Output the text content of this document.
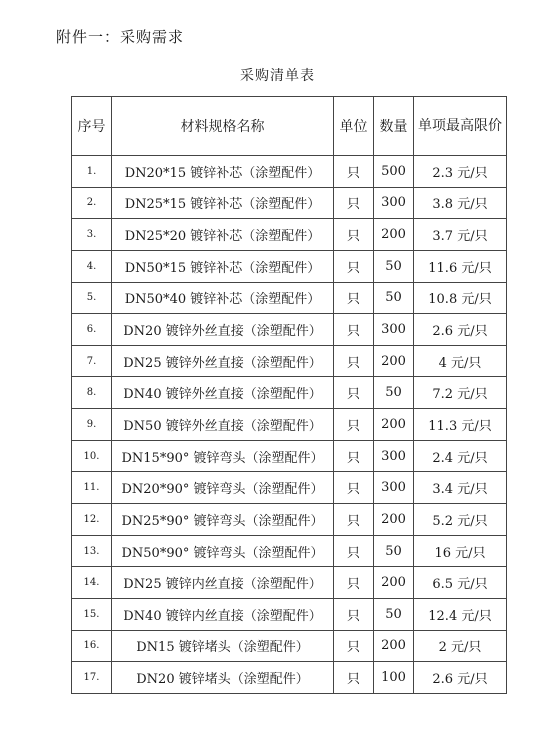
附件一：采购需求
采购清单表
序号	材料规格名称	单位	数量	单项最高限价
1.	DN20*15 镀锌补芯（涂塑配件）	只	500	2.3 元/只
2.	DN25*15 镀锌补芯（涂塑配件）	只	300	3.8 元/只
3.	DN25*20 镀锌补芯（涂塑配件）	只	200	3.7 元/只
4.	DN50*15 镀锌补芯（涂塑配件）	只	50	11.6 元/只
5.	DN50*40 镀锌补芯（涂塑配件）	只	50	10.8 元/只
6.	DN20 镀锌外丝直接（涂塑配件）	只	300	2.6 元/只
7.	DN25 镀锌外丝直接（涂塑配件）	只	200	4 元/只
8.	DN40 镀锌外丝直接（涂塑配件）	只	50	7.2 元/只
9.	DN50 镀锌外丝直接（涂塑配件）	只	200	11.3 元/只
10.	DN15*90° 镀锌弯头（涂塑配件）	只	300	2.4 元/只
11.	DN20*90° 镀锌弯头（涂塑配件）	只	300	3.4 元/只
12.	DN25*90° 镀锌弯头（涂塑配件）	只	200	5.2 元/只
13.	DN50*90° 镀锌弯头（涂塑配件）	只	50	16 元/只
14.	DN25 镀锌内丝直接（涂塑配件）	只	200	6.5 元/只
15.	DN40 镀锌内丝直接（涂塑配件）	只	50	12.4 元/只
16.	DN15 镀锌堵头（涂塑配件）	只	200	2 元/只
17.	DN20 镀锌堵头（涂塑配件）	只	100	2.6 元/只
